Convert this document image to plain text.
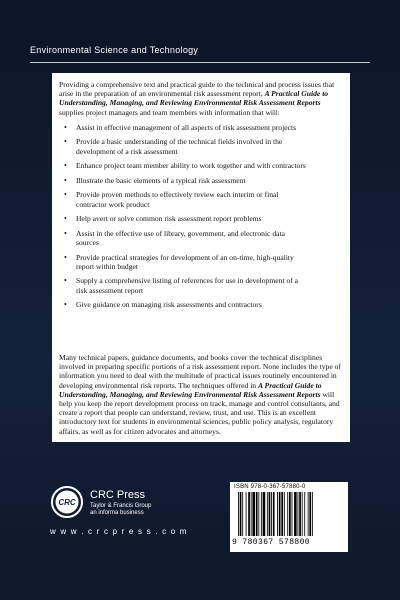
Environmental Science and Technology

Providing a comprehensive text and practical guide to the technical and process issues that arise in the preparation of an environmental risk assessment report, A Practical Guide to Understanding, Managing, and Reviewing Environmental Risk Assessment Reports supplies project managers and team members with information that will:

• Assist in effective management of all aspects of risk assessment projects
• Provide a basic understanding of the technical fields involved in the development of a risk assessment
• Enhance project team member ability to work together and with contractors
• Illustrate the basic elements of a typical risk assessment
• Provide proven methods to effectively review each interim or final contractor work product
• Help avert or solve common risk assessment report problems
• Assist in the effective use of library, government, and electronic data sources
• Provide practical strategies for development of an on-time, high-quality report within budget
• Supply a comprehensive listing of references for use in development of a risk assessment report
• Give guidance on managing risk assessments and contractors

Many technical papers, guidance documents, and books cover the technical disciplines involved in preparing specific portions of a risk assessment report. None includes the type of information you need to deal with the multitude of practical issues routinely encountered in developing environmental risk reports. The techniques offered in A Practical Guide to Understanding, Managing, and Reviewing Environmental Risk Assessment Reports will help you keep the report development process on track, manage and control consultants, and create a report that people can understand, review, trust, and use. This is an excellent introductory text for students in environmental sciences, public policy analysis, regulatory affairs, as well as for citizen advocates and attorneys.

CRC
CRC Press
Taylor & Francis Group
an informa business
w w w . c r c p r e s s . c o m
ISBN 978-0-367-57880-0
9 780367 578800
